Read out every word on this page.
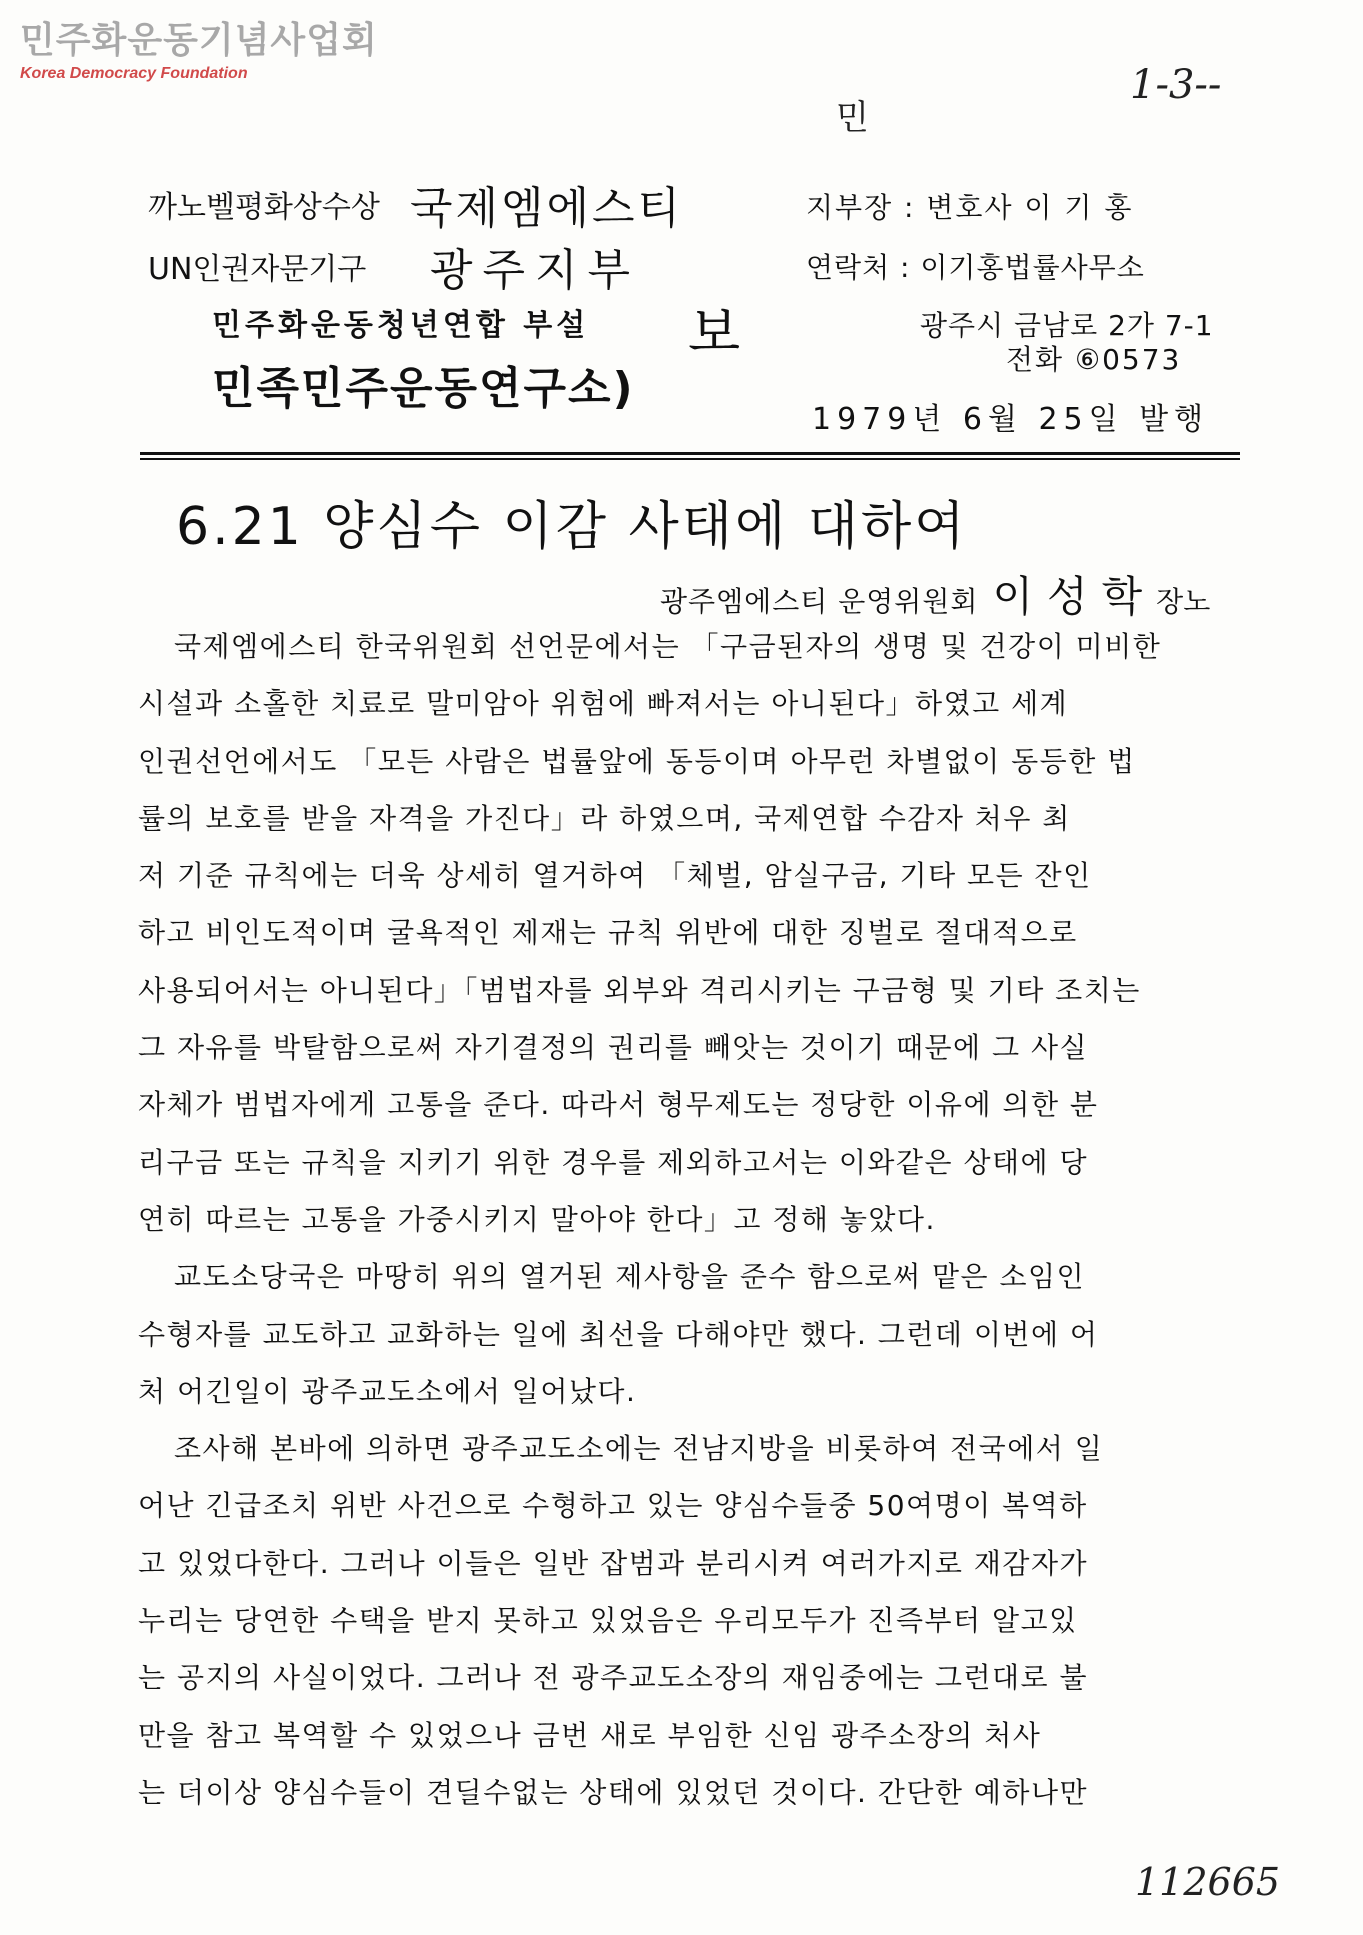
민주화운동기념사업회
Korea Democracy Foundation	1-3--
민
까노벨평화상수상 국제엠에스티
UN인권자문기구 광주지부
민주화운동청년연합 부설 보
민족민주운동연구소)
지부장 : 변호사 이 기 홍
연락처 : 이기홍법률사무소
광주시 금남로 2가 7-1
전화 ⑥0573
1979년 6월 25일 발행
6.21 양심수 이감 사태에 대하여
광주엠에스티 운영위원회 이성학장노
국제엠에스티 한국위원회 선언문에서는 「구금된자의 생명 및 건강이 미비한
시설과 소홀한 치료로 말미암아 위험에 빠져서는 아니된다」하였고 세계
인권선언에서도 「모든 사람은 법률앞에 동등이며 아무런 차별없이 동등한 법
률의 보호를 받을 자격을 가진다」라 하였으며, 국제연합 수감자 처우 최
저 기준 규칙에는 더욱 상세히 열거하여 「체벌, 암실구금, 기타 모든 잔인
하고 비인도적이며 굴욕적인 제재는 규칙 위반에 대한 징벌로 절대적으로
사용되어서는 아니된다」「범법자를 외부와 격리시키는 구금형 및 기타 조치는
그 자유를 박탈함으로써 자기결정의 권리를 빼앗는 것이기 때문에 그 사실
자체가 범법자에게 고통을 준다. 따라서 형무제도는 정당한 이유에 의한 분
리구금 또는 규칙을 지키기 위한 경우를 제외하고서는 이와같은 상태에 당
연히 따르는 고통을 가중시키지 말아야 한다」고 정해 놓았다.
교도소당국은 마땅히 위의 열거된 제사항을 준수 함으로써 맡은 소임인
수형자를 교도하고 교화하는 일에 최선을 다해야만 했다. 그런데 이번에 어
처 어긴일이 광주교도소에서 일어났다.
조사해 본바에 의하면 광주교도소에는 전남지방을 비롯하여 전국에서 일
어난 긴급조치 위반 사건으로 수형하고 있는 양심수들중 50여명이 복역하
고 있었다한다. 그러나 이들은 일반 잡범과 분리시켜 여러가지로 재감자가
누리는 당연한 수택을 받지 못하고 있었음은 우리모두가 진즉부터 알고있
는 공지의 사실이었다. 그러나 전 광주교도소장의 재임중에는 그런대로 불
만을 참고 복역할 수 있었으나 금번 새로 부임한 신임 광주소장의 처사
는 더이상 양심수들이 견딜수없는 상태에 있었던 것이다. 간단한 예하나만
112665
